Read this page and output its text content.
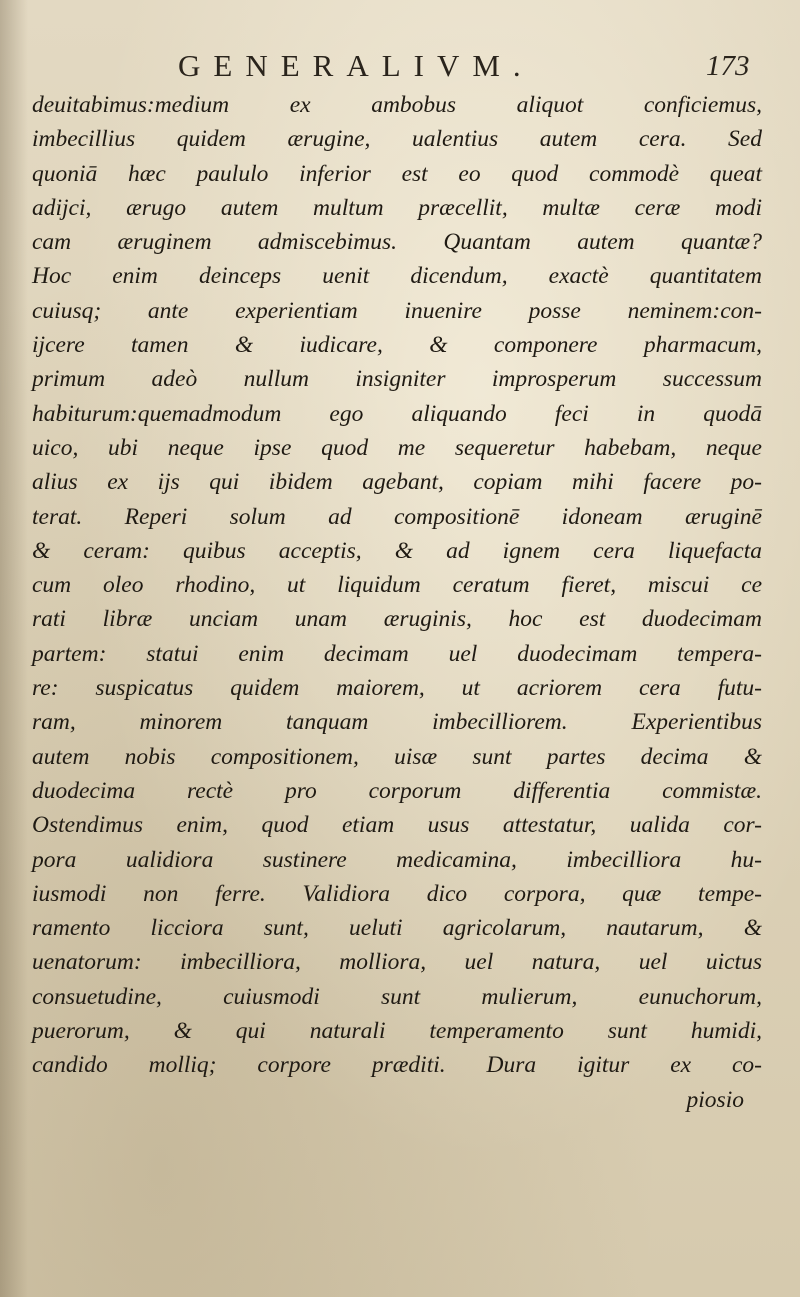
GENERALIVM.	173
deuitabimus:medium ex ambobus aliquot conficiemus,
imbecillius quidem ærugine, ualentius autem cera. Sed
quoniā hæc paululo inferior est eo quod commodè queat
adijci, ærugo autem multum præcellit, multæ ceræ modi
cam æruginem admiscebimus. Quantam autem quantæ?
Hoc enim deinceps uenit dicendum, exactè quantitatem
cuiusq; ante experientiam inuenire posse neminem:con-
ijcere tamen & iudicare, & componere pharmacum,
primum adeò nullum insigniter improsperum successum
habiturum:quemadmodum ego aliquando feci in quodā
uico, ubi neque ipse quod me sequeretur habebam, neque
alius ex ijs qui ibidem agebant, copiam mihi facere po-
terat. Reperi solum ad compositionē idoneam æruginē
& ceram: quibus acceptis, & ad ignem cera liquefacta
cum oleo rhodino, ut liquidum ceratum fieret, miscui ce
rati libræ unciam unam æruginis, hoc est duodecimam
partem: statui enim decimam uel duodecimam tempera-
re: suspicatus quidem maiorem, ut acriorem cera futu-
ram, minorem tanquam imbecilliorem. Experientibus
autem nobis compositionem, uisæ sunt partes decima &
duodecima rectè pro corporum differentia commistæ.
Ostendimus enim, quod etiam usus attestatur, ualida cor-
pora ualidiora sustinere medicamina, imbecilliora hu-
iusmodi non ferre. Validiora dico corpora, quæ tempe-
ramento licciora sunt, ueluti agricolarum, nautarum, &
uenatorum: imbecilliora, molliora, uel natura, uel uictus
consuetudine, cuiusmodi sunt mulierum, eunuchorum,
puerorum, & qui naturali temperamento sunt humidi,
candido molliq; corpore præditi. Dura igitur ex co-
piosio
